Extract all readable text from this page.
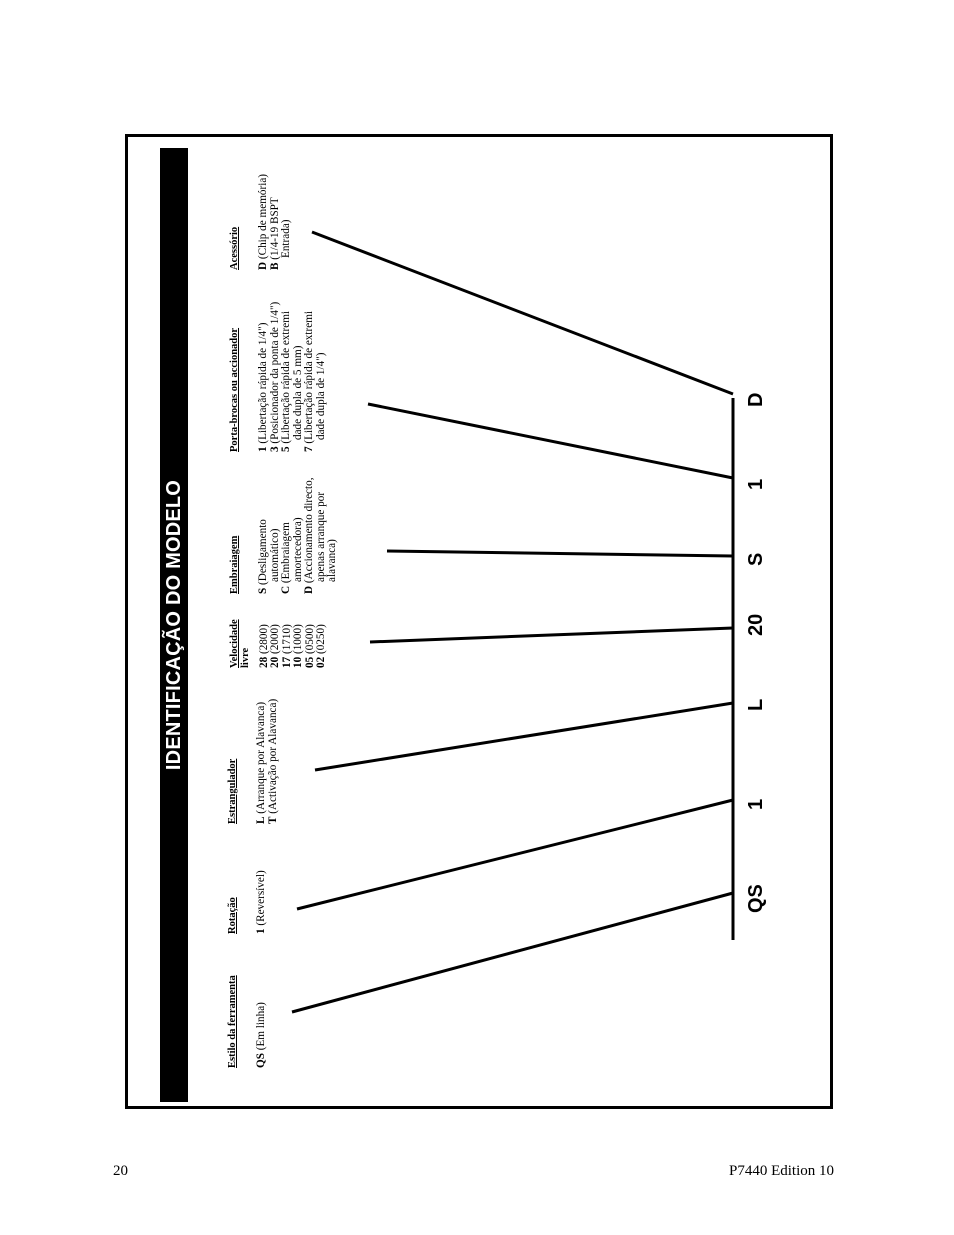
IDENTIFICAÇÃO DO MODELO
Estilo da ferramenta QS (Em linha)
Rotação 1 (Reversível)
Estrangulador L (Arranque por Alavanca)
T (Activação por Alavanca)
Velocidade livre 28 (2800)
20 (2000)
17 (1710)
10 (1000)
05 (0500)
02 (0250)
Embraiagem S (Desligamento automático)
C (Embraiagem amortecedora)
D (Accionamento directo, apenas arranque por alavanca)
Porta-brocas ou accionador 1 (Libertação rápida de 1/4")
3 (Posicionador da ponta de 1/4")
5 (Libertação rápida de extremi dade dupla de 5 mm)
7 (Libertação rápida de extremi dade dupla de 1/4")
Acessório D (Chip de memória)
B (1/4-19 BSPT Entrada)
QS
1
L
20
S
1
D
20	P7440 Edition 10
